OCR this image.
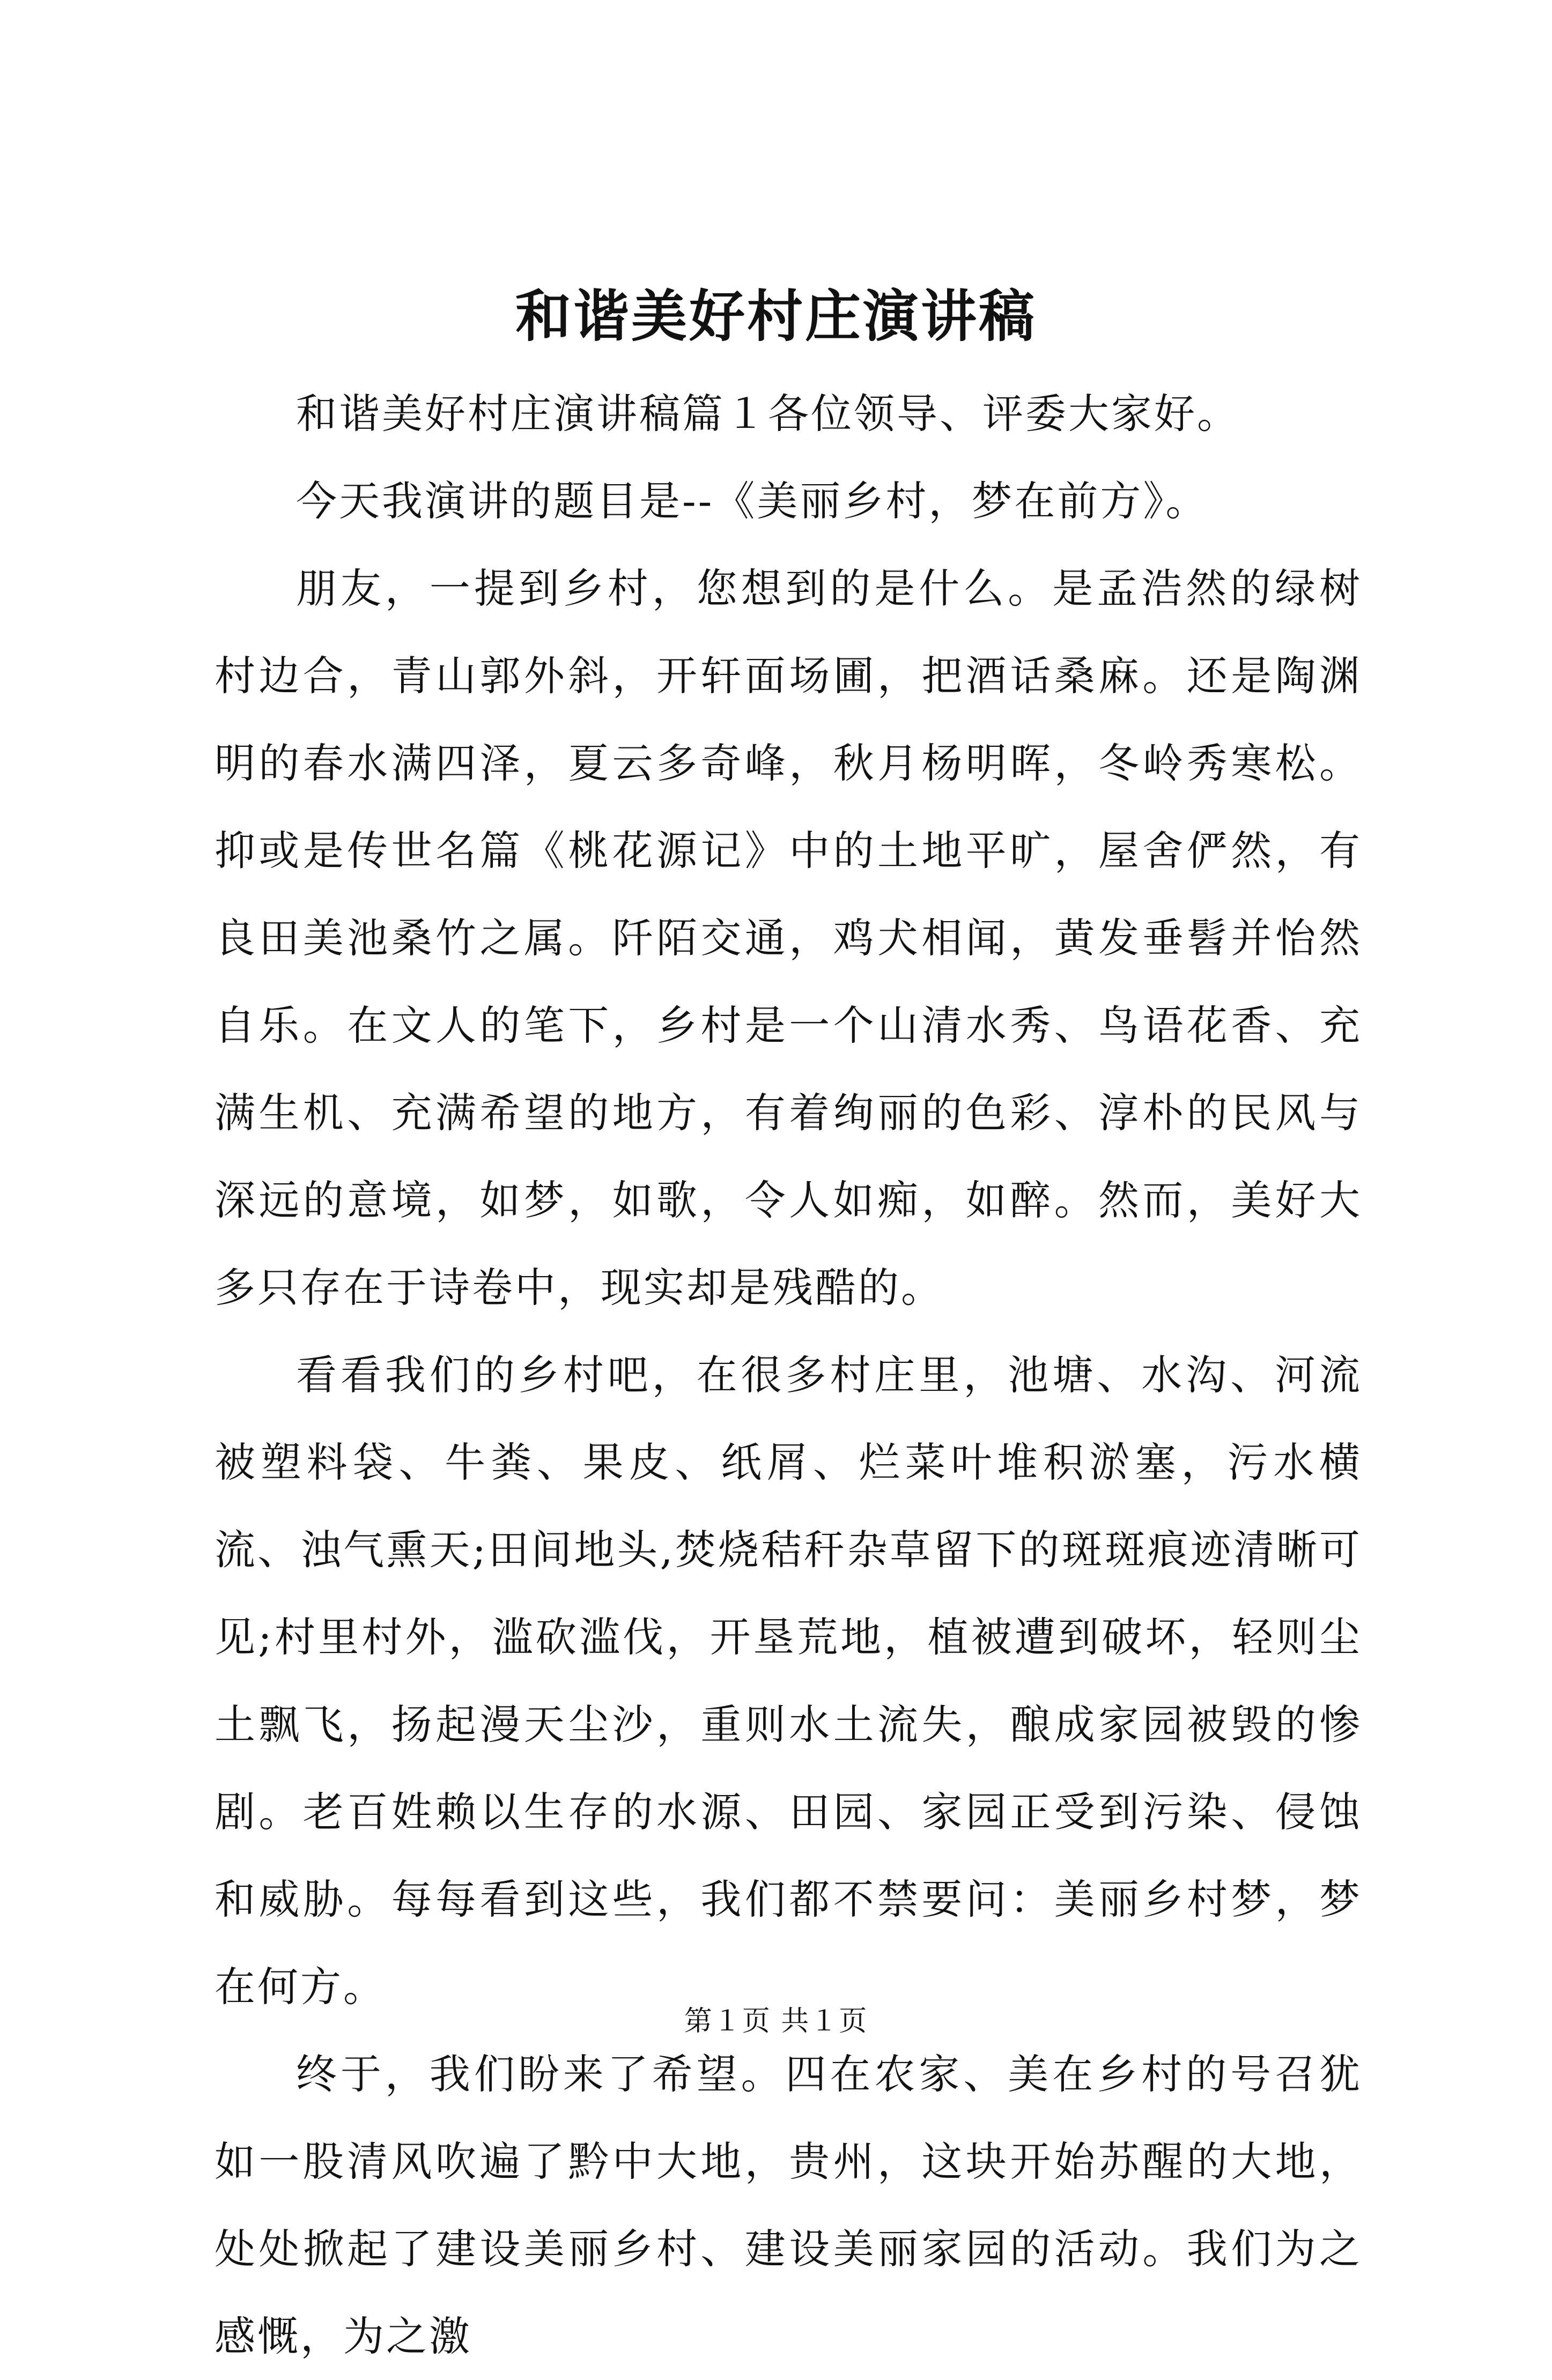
和谐美好村庄演讲稿

和谐美好村庄演讲稿篇１各位领导、评委大家好。

今天我演讲的题目是--《美丽乡村，梦在前方》。

朋友，一提到乡村，您想到的是什么。是孟浩然的绿树村边合，青山郭外斜，开轩面场圃，把酒话桑麻。还是陶渊明的春水满四泽，夏云多奇峰，秋月杨明晖，冬岭秀寒松。抑或是传世名篇《桃花源记》中的土地平旷，屋舍俨然，有良田美池桑竹之属。阡陌交通，鸡犬相闻，黄发垂髫并怡然自乐。在文人的笔下，乡村是一个山清水秀、鸟语花香、充满生机、充满希望的地方，有着绚丽的色彩、淳朴的民风与深远的意境，如梦，如歌，令人如痴，如醉。然而，美好大多只存在于诗卷中，现实却是残酷的。

看看我们的乡村吧，在很多村庄里，池塘、水沟、河流被塑料袋、牛粪、果皮、纸屑、烂菜叶堆积淤塞，污水横流、浊气熏天;田间地头,焚烧秸秆杂草留下的斑斑痕迹清晰可见;村里村外，滥砍滥伐，开垦荒地，植被遭到破坏，轻则尘土飘飞，扬起漫天尘沙，重则水土流失，酿成家园被毁的惨剧。老百姓赖以生存的水源、田园、家园正受到污染、侵蚀和威胁。每每看到这些，我们都不禁要问：美丽乡村梦，梦在何方。

终于，我们盼来了希望。四在农家、美在乡村的号召犹如一股清风吹遍了黔中大地，贵州，这块开始苏醒的大地，处处掀起了建设美丽乡村、建设美丽家园的活动。我们为之感慨，为之激

第１页 共１页
